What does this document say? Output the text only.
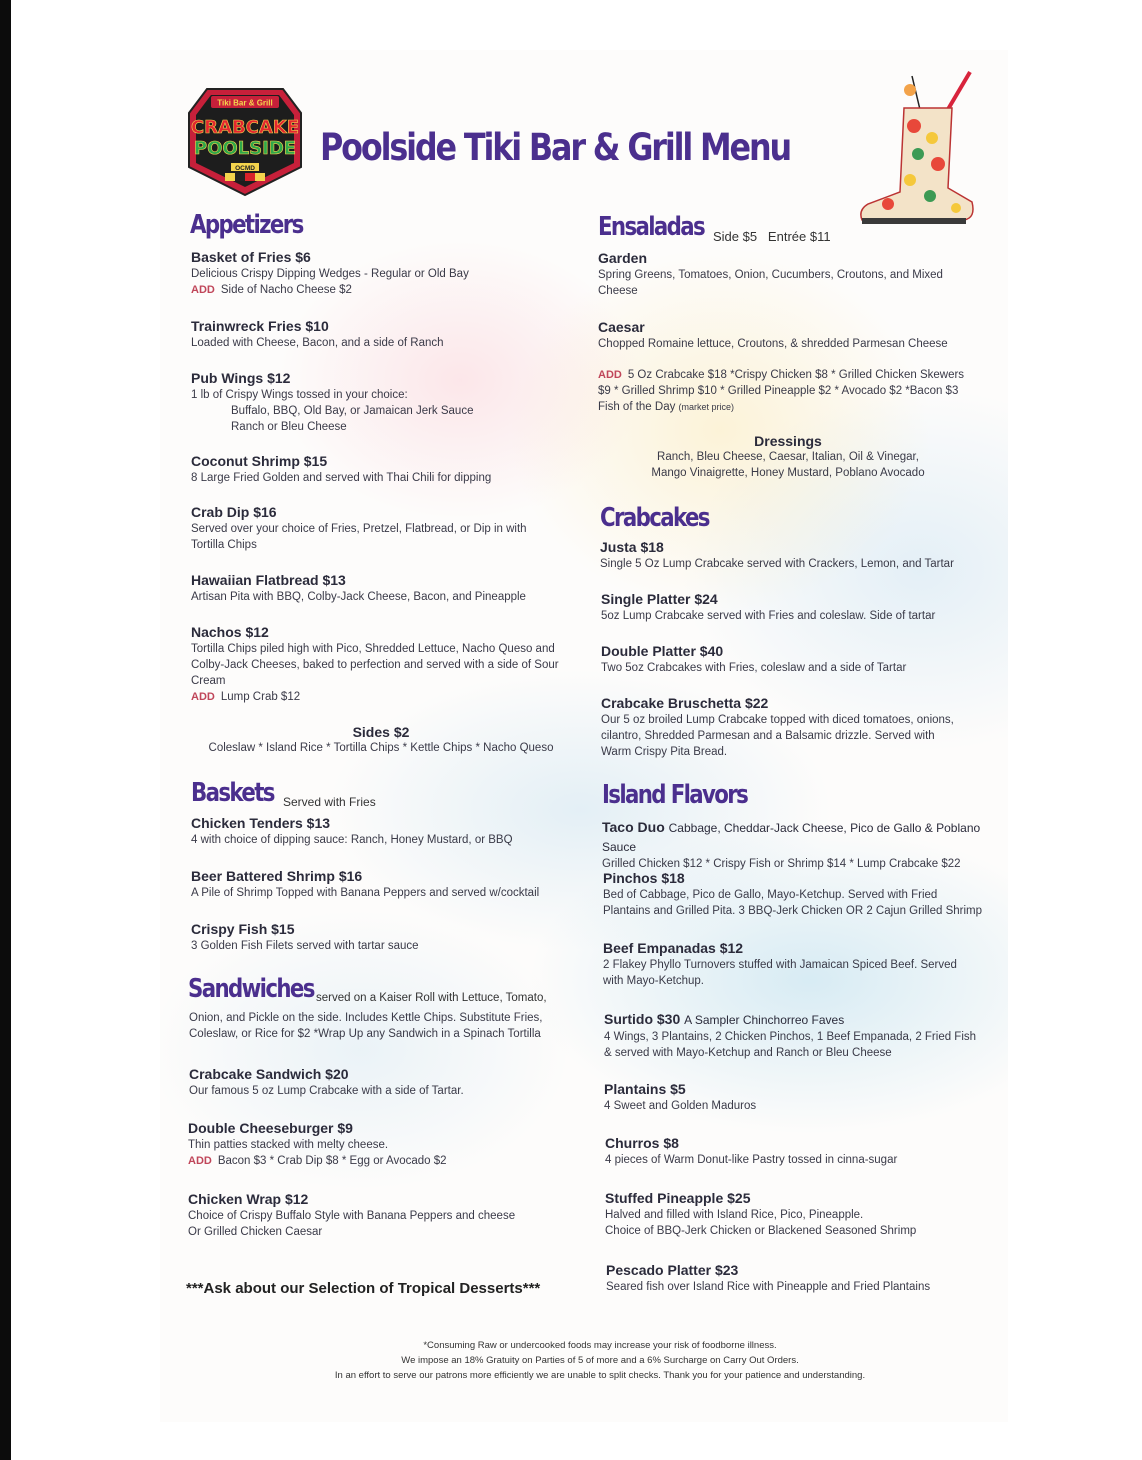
Tiki Bar & Grill
CRABCAKE
POOLSIDE
OCMD Poolside Tiki Bar & Grill Menu
Appetizers
Basket of Fries $6
Delicious Crispy Dipping Wedges - Regular or Old Bay
ADD Side of Nacho Cheese $2
Trainwreck Fries $10
Loaded with Cheese, Bacon, and a side of Ranch
Pub Wings $12
1 lb of Crispy Wings tossed in your choice:
Buffalo, BBQ, Old Bay, or Jamaican Jerk Sauce
Ranch or Bleu Cheese
Coconut Shrimp $15
8 Large Fried Golden and served with Thai Chili for dipping
Crab Dip $16
Served over your choice of Fries, Pretzel, Flatbread, or Dip in with
Tortilla Chips
Hawaiian Flatbread $13
Artisan Pita with BBQ, Colby-Jack Cheese, Bacon, and Pineapple
Nachos $12
Tortilla Chips piled high with Pico, Shredded Lettuce, Nacho Queso and
Colby-Jack Cheeses, baked to perfection and served with a side of Sour
Cream
ADD Lump Crab $12
Sides $2
Coleslaw * Island Rice * Tortilla Chips * Kettle Chips * Nacho Queso
Baskets Served with Fries
Chicken Tenders $13
4 with choice of dipping sauce: Ranch, Honey Mustard, or BBQ
Beer Battered Shrimp $16
A Pile of Shrimp Topped with Banana Peppers and served w/cocktail
Crispy Fish $15
3 Golden Fish Filets served with tartar sauce
Sandwiches served on a Kaiser Roll with Lettuce, Tomato,
Onion, and Pickle on the side. Includes Kettle Chips. Substitute Fries,
Coleslaw, or Rice for $2 *Wrap Up any Sandwich in a Spinach Tortilla
Crabcake Sandwich $20
Our famous 5 oz Lump Crabcake with a side of Tartar.
Double Cheeseburger $9
Thin patties stacked with melty cheese.
ADD Bacon $3 * Crab Dip $8 * Egg or Avocado $2
Chicken Wrap $12
Choice of Crispy Buffalo Style with Banana Peppers and cheese
Or Grilled Chicken Caesar
***Ask about our Selection of Tropical Desserts***
Ensaladas Side $5   Entrée $11
Garden
Spring Greens, Tomatoes, Onion, Cucumbers, Croutons, and Mixed
Cheese
Caesar
Chopped Romaine lettuce, Croutons, & shredded Parmesan Cheese
ADD 5 Oz Crabcake $18 *Crispy Chicken $8 * Grilled Chicken Skewers
$9 * Grilled Shrimp $10 * Grilled Pineapple $2 * Avocado $2 *Bacon $3
Fish of the Day (market price)
Dressings
Ranch, Bleu Cheese, Caesar, Italian, Oil & Vinegar,
Mango Vinaigrette, Honey Mustard, Poblano Avocado
Crabcakes
Justa $18
Single 5 Oz Lump Crabcake served with Crackers, Lemon, and Tartar
Single Platter $24
5oz Lump Crabcake served with Fries and coleslaw. Side of tartar
Double Platter $40
Two 5oz Crabcakes with Fries, coleslaw and a side of Tartar
Crabcake Bruschetta $22
Our 5 oz broiled Lump Crabcake topped with diced tomatoes, onions,
cilantro, Shredded Parmesan and a Balsamic drizzle. Served with
Warm Crispy Pita Bread.
Island Flavors
Taco Duo Cabbage, Cheddar-Jack Cheese, Pico de Gallo & Poblano Sauce
Grilled Chicken $12 * Crispy Fish or Shrimp $14 * Lump Crabcake $22
Pinchos $18
Bed of Cabbage, Pico de Gallo, Mayo-Ketchup. Served with Fried
Plantains and Grilled Pita. 3 BBQ-Jerk Chicken OR 2 Cajun Grilled Shrimp
Beef Empanadas $12
2 Flakey Phyllo Turnovers stuffed with Jamaican Spiced Beef. Served
with Mayo-Ketchup.
Surtido $30 A Sampler Chinchorreo Faves
4 Wings, 3 Plantains, 2 Chicken Pinchos, 1 Beef Empanada, 2 Fried Fish
& served with Mayo-Ketchup and Ranch or Bleu Cheese
Plantains $5
4 Sweet and Golden Maduros
Churros $8
4 pieces of Warm Donut-like Pastry tossed in cinna-sugar
Stuffed Pineapple $25
Halved and filled with Island Rice, Pico, Pineapple.
Choice of BBQ-Jerk Chicken or Blackened Seasoned Shrimp
Pescado Platter $23
Seared fish over Island Rice with Pineapple and Fried Plantains
*Consuming Raw or undercooked foods may increase your risk of foodborne illness.
We impose an 18% Gratuity on Parties of 5 of more and a 6% Surcharge on Carry Out Orders.
In an effort to serve our patrons more efficiently we are unable to split checks. Thank you for your patience and understanding.
